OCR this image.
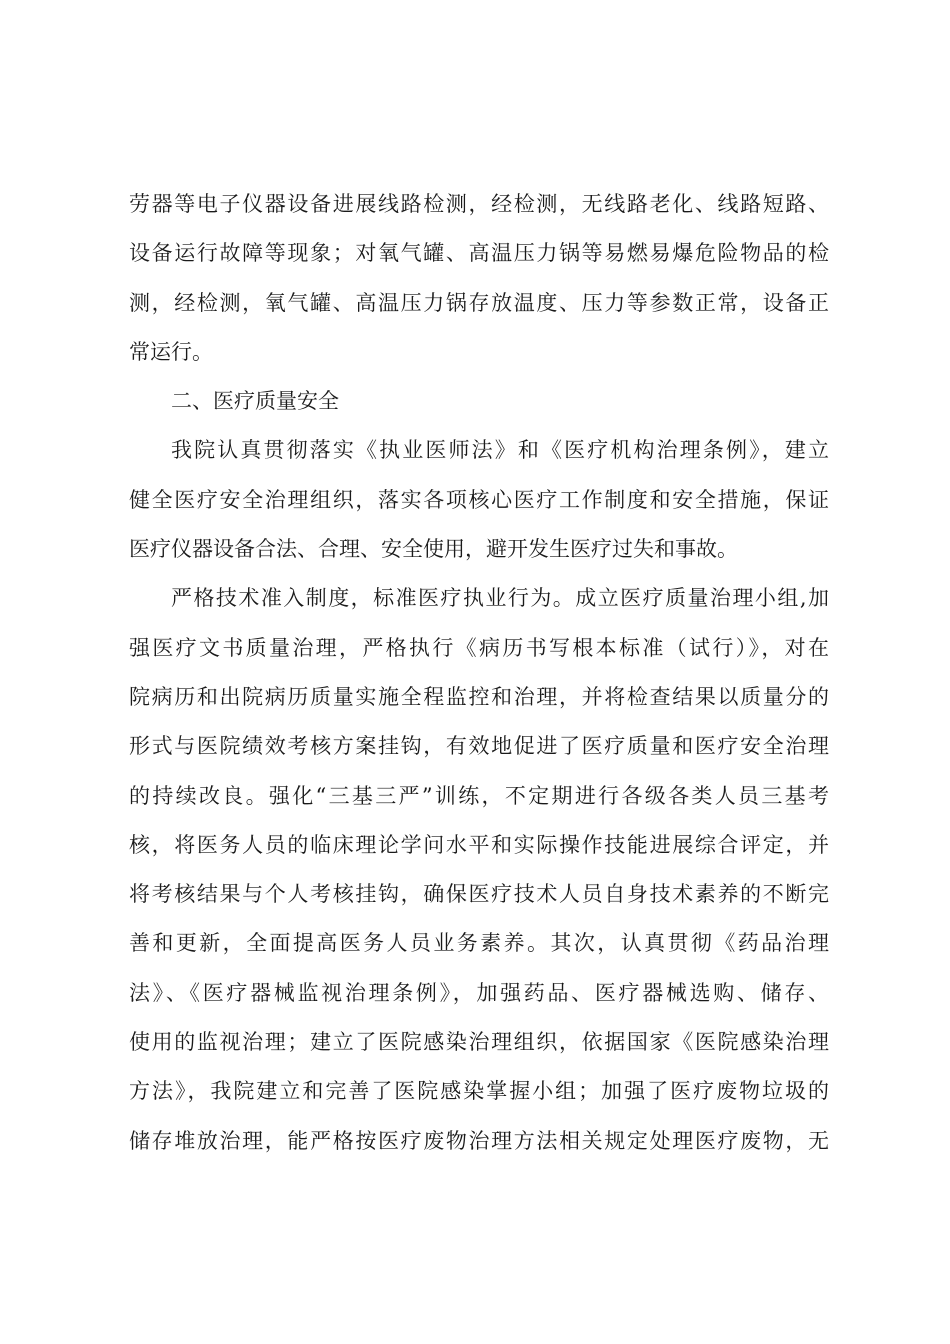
劳器等电子仪器设备进展线路检测，经检测，无线路老化、线路短路、
设备运行故障等现象；对氧气罐、高温压力锅等易燃易爆危险物品的检
测，经检测，氧气罐、高温压力锅存放温度、压力等参数正常，设备正
常运行。
二、医疗质量安全
我院认真贯彻落实《执业医师法》和《医疗机构治理条例》，建立
健全医疗安全治理组织，落实各项核心医疗工作制度和安全措施，保证
医疗仪器设备合法、合理、安全使用，避开发生医疗过失和事故。
严格技术准入制度，标准医疗执业行为。成立医疗质量治理小组,加
强医疗文书质量治理，严格执行《病历书写根本标准（试行）》，对在
院病历和出院病历质量实施全程监控和治理，并将检查结果以质量分的
形式与医院绩效考核方案挂钩，有效地促进了医疗质量和医疗安全治理
的持续改良。强化“三基三严”训练，不定期进行各级各类人员三基考
核，将医务人员的临床理论学问水平和实际操作技能进展综合评定，并
将考核结果与个人考核挂钩，确保医疗技术人员自身技术素养的不断完
善和更新，全面提高医务人员业务素养。其次，认真贯彻《药品治理
法》、《医疗器械监视治理条例》，加强药品、医疗器械选购、储存、
使用的监视治理；建立了医院感染治理组织，依据国家《医院感染治理
方法》，我院建立和完善了医院感染掌握小组；加强了医疗废物垃圾的
储存堆放治理，能严格按医疗废物治理方法相关规定处理医疗废物，无
